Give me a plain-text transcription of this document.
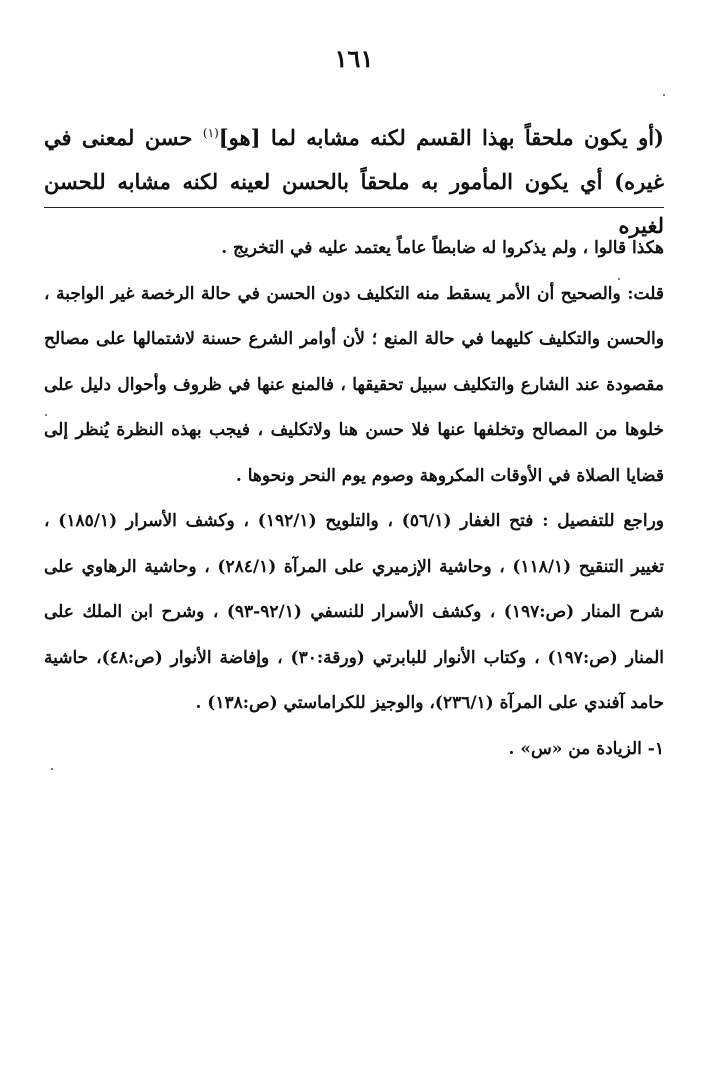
١٦١
(أو يكون ملحقاً بهذا القسم لكنه مشابه لما [هو]$^{(١)}$ حسن لمعنى في غيره) أي يكون المأمور به ملحقاً بالحسن لعينه لكنه مشابه للحسن لغيره

هكذا قالوا ، ولم يذكروا له ضابطاً عاماً يعتمد عليه في التخريج .

قلت: والصحيح أن الأمر يسقط منه التكليف دون الحسن في حالة الرخصة غير الواجبة ، والحسن والتكليف كليهما في حالة المنع ؛ لأن أوامر الشرع حسنة لاشتمالها على مصالح مقصودة عند الشارع والتكليف سبيل تحقيقها ، فالمنع عنها في ظروف وأحوال دليل على خلوها من المصالح وتخلفها عنها فلا حسن هنا ولاتكليف ، فيجب بهذه النظرة يُنظر إلى قضايا الصلاة في الأوقات المكروهة وصوم يوم النحر ونحوها .

وراجع للتفصيل : فتح الغفار (٥٦/١) ، والتلويح (١٩٢/١) ، وكشف الأسرار (١٨٥/١) ، تغيير التنقيح (١١٨/١) ، وحاشية الإزميري على المرآة (٢٨٤/١) ، وحاشية الرهاوي على شرح المنار (ص:١٩٧) ، وكشف الأسرار للنسفي (٩٢/١-٩٣) ، وشرح ابن الملك على المنار (ص:١٩٧) ، وكتاب الأنوار للبابرتي (ورقة:٣٠) ، وإفاضة الأنوار (ص:٤٨)، حاشية حامد آفندي على المرآة (٢٣٦/١)، والوجيز للكراماستي (ص:١٣٨) .

١- الزيادة من «س» .
